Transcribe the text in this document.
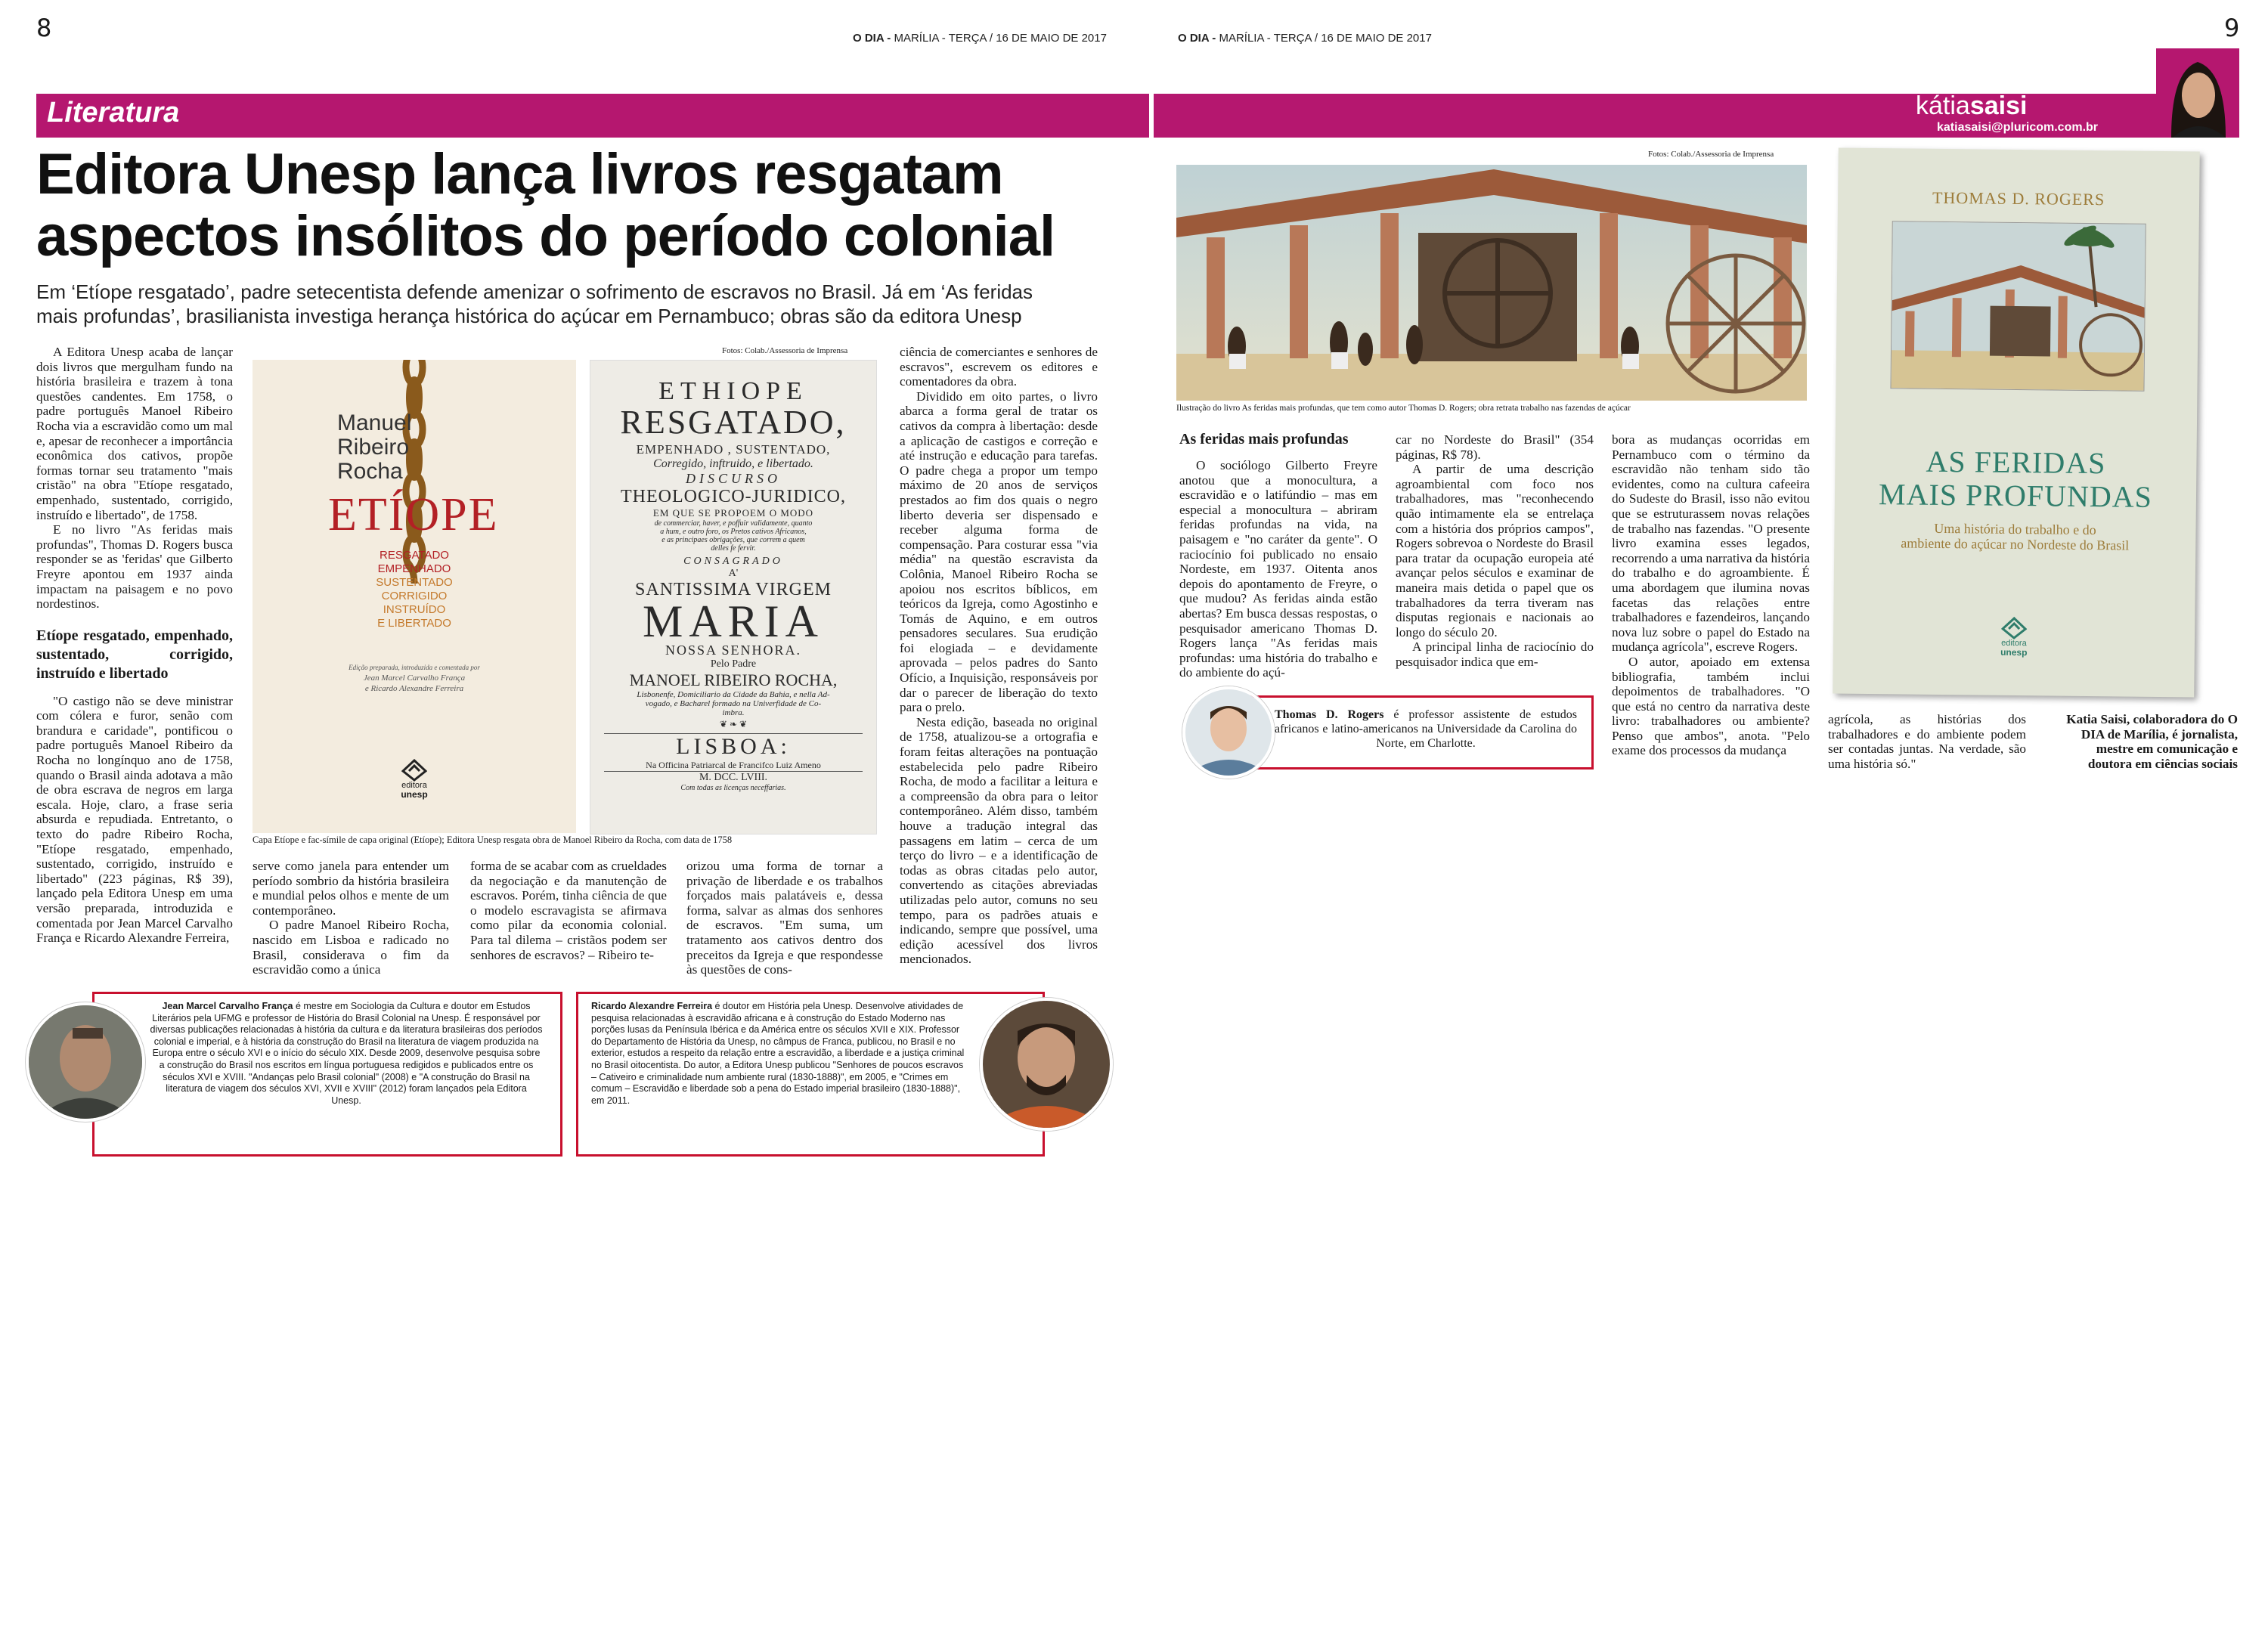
8	O DIA - MARÍLIA - TERÇA / 16 DE MAIO DE 2017
Literatura
Editora Unesp lança livros resgatam
aspectos insólitos do período colonial
Em ‘Etíope resgatado’, padre setecentista defende amenizar o sofrimento de escravos no Brasil. Já em ‘As feridas
mais profundas’, brasilianista investiga herança histórica do açúcar em Pernambuco; obras são da editora Unesp

A Editora Unesp acaba de lançar dois livros que mergulham fundo na história brasileira e trazem à tona questões candentes. Em 1758, o padre português Manoel Ribeiro Rocha via a escravidão como um mal e, apesar de reconhecer a importância econômica dos cativos, propõe formas tornar seu tratamento "mais cristão" na obra "Etíope resgatado, empenhado, sustentado, corrigido, instruído e libertado", de 1758.

E no livro "As feridas mais profundas", Thomas D. Rogers busca responder se as 'feridas' que Gilberto Freyre apontou em 1937 ainda impactam na paisagem e no povo nordestinos.

Etíope resgatado, empenhado, sustentado, corrigido, instruído e libertado

"O castigo não se deve ministrar com cólera e furor, senão com brandura e caridade", pontificou o padre português Manoel Ribeiro da Rocha no longínquo ano de 1758, quando o Brasil ainda adotava a mão de obra escrava de negros em larga escala. Hoje, claro, a frase seria absurda e repudiada. Entretanto, o texto do padre Ribeiro Rocha, "Etíope resgatado, empenhado, sustentado, corrigido, instruído e libertado" (223 páginas, R$ 39), lançado pela Editora Unesp em uma versão preparada, introduzida e comentada por Jean Marcel Carvalho França e Ricardo Alexandre Ferreira,

Fotos: Colab./Assessoria de Imprensa
Manuel
Ribeiro
Rocha
ETÍOPE
RESGATADO
EMPENHADO
SUSTENTADO
CORRIGIDO
INSTRUÍDO
E LIBERTADO
Edição preparada, introduzida e comentada por
Jean Marcel Carvalho França
e Ricardo Alexandre Ferreira
editora
unesp
ETHIOPE
RESGATADO,
EMPENHADO , SUSTENTADO,
Corregido, inftruido, e libertado.
DISCURSO
THEOLOGICO-JURIDICO,
EM QUE SE PROPOEM O MODO
de commerciar, haver, e poffuir validamente, quanto
a hum, e outro foro, os Pretos cativos Africanos,
e as principaes obrigações, que correm a quem
delles fe fervir.
CONSAGRADO
A'
SANTISSIMA VIRGEM
MARIA
NOSSA SENHORA.
Pelo Padre
MANOEL RIBEIRO ROCHA,
Lisbonenfe, Domiciliario da Cidade da Bahia, e nella Ad-
vogado, e Bacharel formado na Univerfidade de Co-
imbra.
❦ ❧ ❦
LISBOA:
Na Officina Patriarcal de Francifco Luiz Ameno
M. DCC. LVIII.
Com todas as licenças neceffarias.
Capa Etíope e fac-símile de capa original (Etíope); Editora Unesp resgata obra de Manoel Ribeiro da Rocha, com data de 1758

serve como janela para entender um período sombrio da história brasileira e mundial pelos olhos e mente de um contemporâneo.

O padre Manoel Ribeiro Rocha, nascido em Lisboa e radicado no Brasil, considerava o fim da escravidão como a única

forma de se acabar com as crueldades da negociação e da manutenção de escravos. Porém, tinha ciência de que o modelo escravagista se afirmava como pilar da economia colonial. Para tal dilema – cristãos podem ser senhores de escravos? – Ribeiro te-

orizou uma forma de tornar a privação de liberdade e os trabalhos forçados mais palatáveis e, dessa forma, salvar as almas dos senhores de escravos. "Em suma, um tratamento aos cativos dentro dos preceitos da Igreja e que respondesse às questões de cons-

ciência de comerciantes e senhores de escravos", escrevem os editores e comentadores da obra.

Dividido em oito partes, o livro abarca a forma geral de tratar os cativos da compra à libertação: desde a aplicação de castigos e correção e até instrução e educação para tarefas. O padre chega a propor um tempo máximo de 20 anos de serviços prestados ao fim dos quais o negro liberto deveria ser dispensado e receber alguma forma de compensação. Para costurar essa "via média" na questão escravista da Colônia, Manoel Ribeiro Rocha se apoiou nos escritos bíblicos, em teóricos da Igreja, como Agostinho e Tomás de Aquino, e em outros pensadores seculares. Sua erudição foi elogiada – e devidamente aprovada – pelos padres do Santo Ofício, a Inquisição, responsáveis por dar o parecer de liberação do texto para o prelo.

Nesta edição, baseada no original de 1758, atualizou-se a ortografia e foram feitas alterações na pontuação estabelecida pelo padre Ribeiro Rocha, de modo a facilitar a leitura e a compreensão da obra para o leitor contemporâneo. Além disso, também houve a tradução integral das passagens em latim – cerca de um terço do livro – e a identificação de todas as obras citadas pelo autor, convertendo as citações abreviadas utilizadas pelo autor, comuns no seu tempo, para os padrões atuais e indicando, sempre que possível, uma edição acessível dos livros mencionados.

Jean Marcel Carvalho França é mestre em Sociologia da Cultura e doutor em Estudos Literários pela UFMG e professor de História do Brasil Colonial na Unesp. É responsável por diversas publicações relacionadas à história da cultura e da literatura brasileiras dos períodos colonial e imperial, e à história da construção do Brasil na literatura de viagem produzida na Europa entre o século XVI e o início do século XIX. Desde 2009, desenvolve pesquisa sobre a construção do Brasil nos escritos em língua portuguesa redigidos e publicados entre os séculos XVI e XVIII. "Andanças pelo Brasil colonial" (2008) e "A construção do Brasil na literatura de viagem dos séculos XVI, XVII e XVIII" (2012) foram lançados pela Editora Unesp.
Ricardo Alexandre Ferreira é doutor em História pela Unesp. Desenvolve atividades de pesquisa relacionadas à escravidão africana e à construção do Estado Moderno nas porções lusas da Península Ibérica e da América entre os séculos XVII e XIX. Professor do Departamento de História da Unesp, no câmpus de Franca, publicou, no Brasil e no exterior, estudos a respeito da relação entre a escravidão, a liberdade e a justiça criminal no Brasil oitocentista. Do autor, a Editora Unesp publicou "Senhores de poucos escravos – Cativeiro e criminalidade num ambiente rural (1830-1888)", em 2005, e "Crimes em comum – Escravidão e liberdade sob a pena do Estado imperial brasileiro (1830-1888)", em 2011.
O DIA - MARÍLIA - TERÇA / 16 DE MAIO DE 2017	9
kátiasaisi
katiasaisi@pluricom.com.br
Fotos: Colab./Assessoria de Imprensa
Ilustração do livro As feridas mais profundas, que tem como autor Thomas D. Rogers; obra retrata trabalho nas fazendas de açúcar
As feridas mais profundas

O sociólogo Gilberto Freyre anotou que a monocultura, a escravidão e o latifúndio – mas em especial a monocultura – abriram feridas profundas na vida, na paisagem e "no caráter da gente". O raciocínio foi publicado no ensaio Nordeste, em 1937. Oitenta anos depois do apontamento de Freyre, o que mudou? As feridas ainda estão abertas? Em busca dessas respostas, o pesquisador americano Thomas D. Rogers lança "As feridas mais profundas: uma história do trabalho e do ambiente do açú-

car no Nordeste do Brasil" (354 páginas, R$ 78).

A partir de uma descrição agroambiental com foco nos trabalhadores, mas "reconhecendo quão intimamente ela se entrelaça com a história dos próprios campos", Rogers sobrevoa o Nordeste do Brasil para tratar da ocupação europeia até avançar pelos séculos e examinar de maneira mais detida o papel que os trabalhadores da terra tiveram nas disputas regionais e nacionais ao longo do século 20.

A principal linha de raciocínio do pesquisador indica que em-

bora as mudanças ocorridas em Pernambuco com o término da escravidão não tenham sido tão evidentes, como na cultura cafeeira do Sudeste do Brasil, isso não evitou que se estruturassem novas relações de trabalho nas fazendas. "O presente livro examina esses legados, recorrendo a uma narrativa da história do trabalho e do agroambiente. É uma abordagem que ilumina novas facetas das relações entre trabalhadores e fazendeiros, lançando nova luz sobre o papel do Estado na mudança agrícola", escreve Rogers.

O autor, apoiado em extensa bibliografia, também inclui depoimentos de trabalhadores. "O que está no centro da narrativa deste livro: trabalhadores ou ambiente? Penso que ambos", anota. "Pelo exame dos processos da mudança

agrícola, as histórias dos trabalhadores e do ambiente podem ser contadas juntas. Na verdade, são uma história só."

Katia Saisi, colaboradora do O DIA de Marília, é jornalista, mestre em comunicação e doutora em ciências sociais

Thomas D. Rogers é professor assistente de estudos africanos e latino-americanos na Universidade da Carolina do Norte, em Charlotte.
THOMAS D. ROGERS
AS FERIDAS
MAIS PROFUNDAS
Uma história do trabalho e do
ambiente do açúcar no Nordeste do Brasil
editora
unesp
